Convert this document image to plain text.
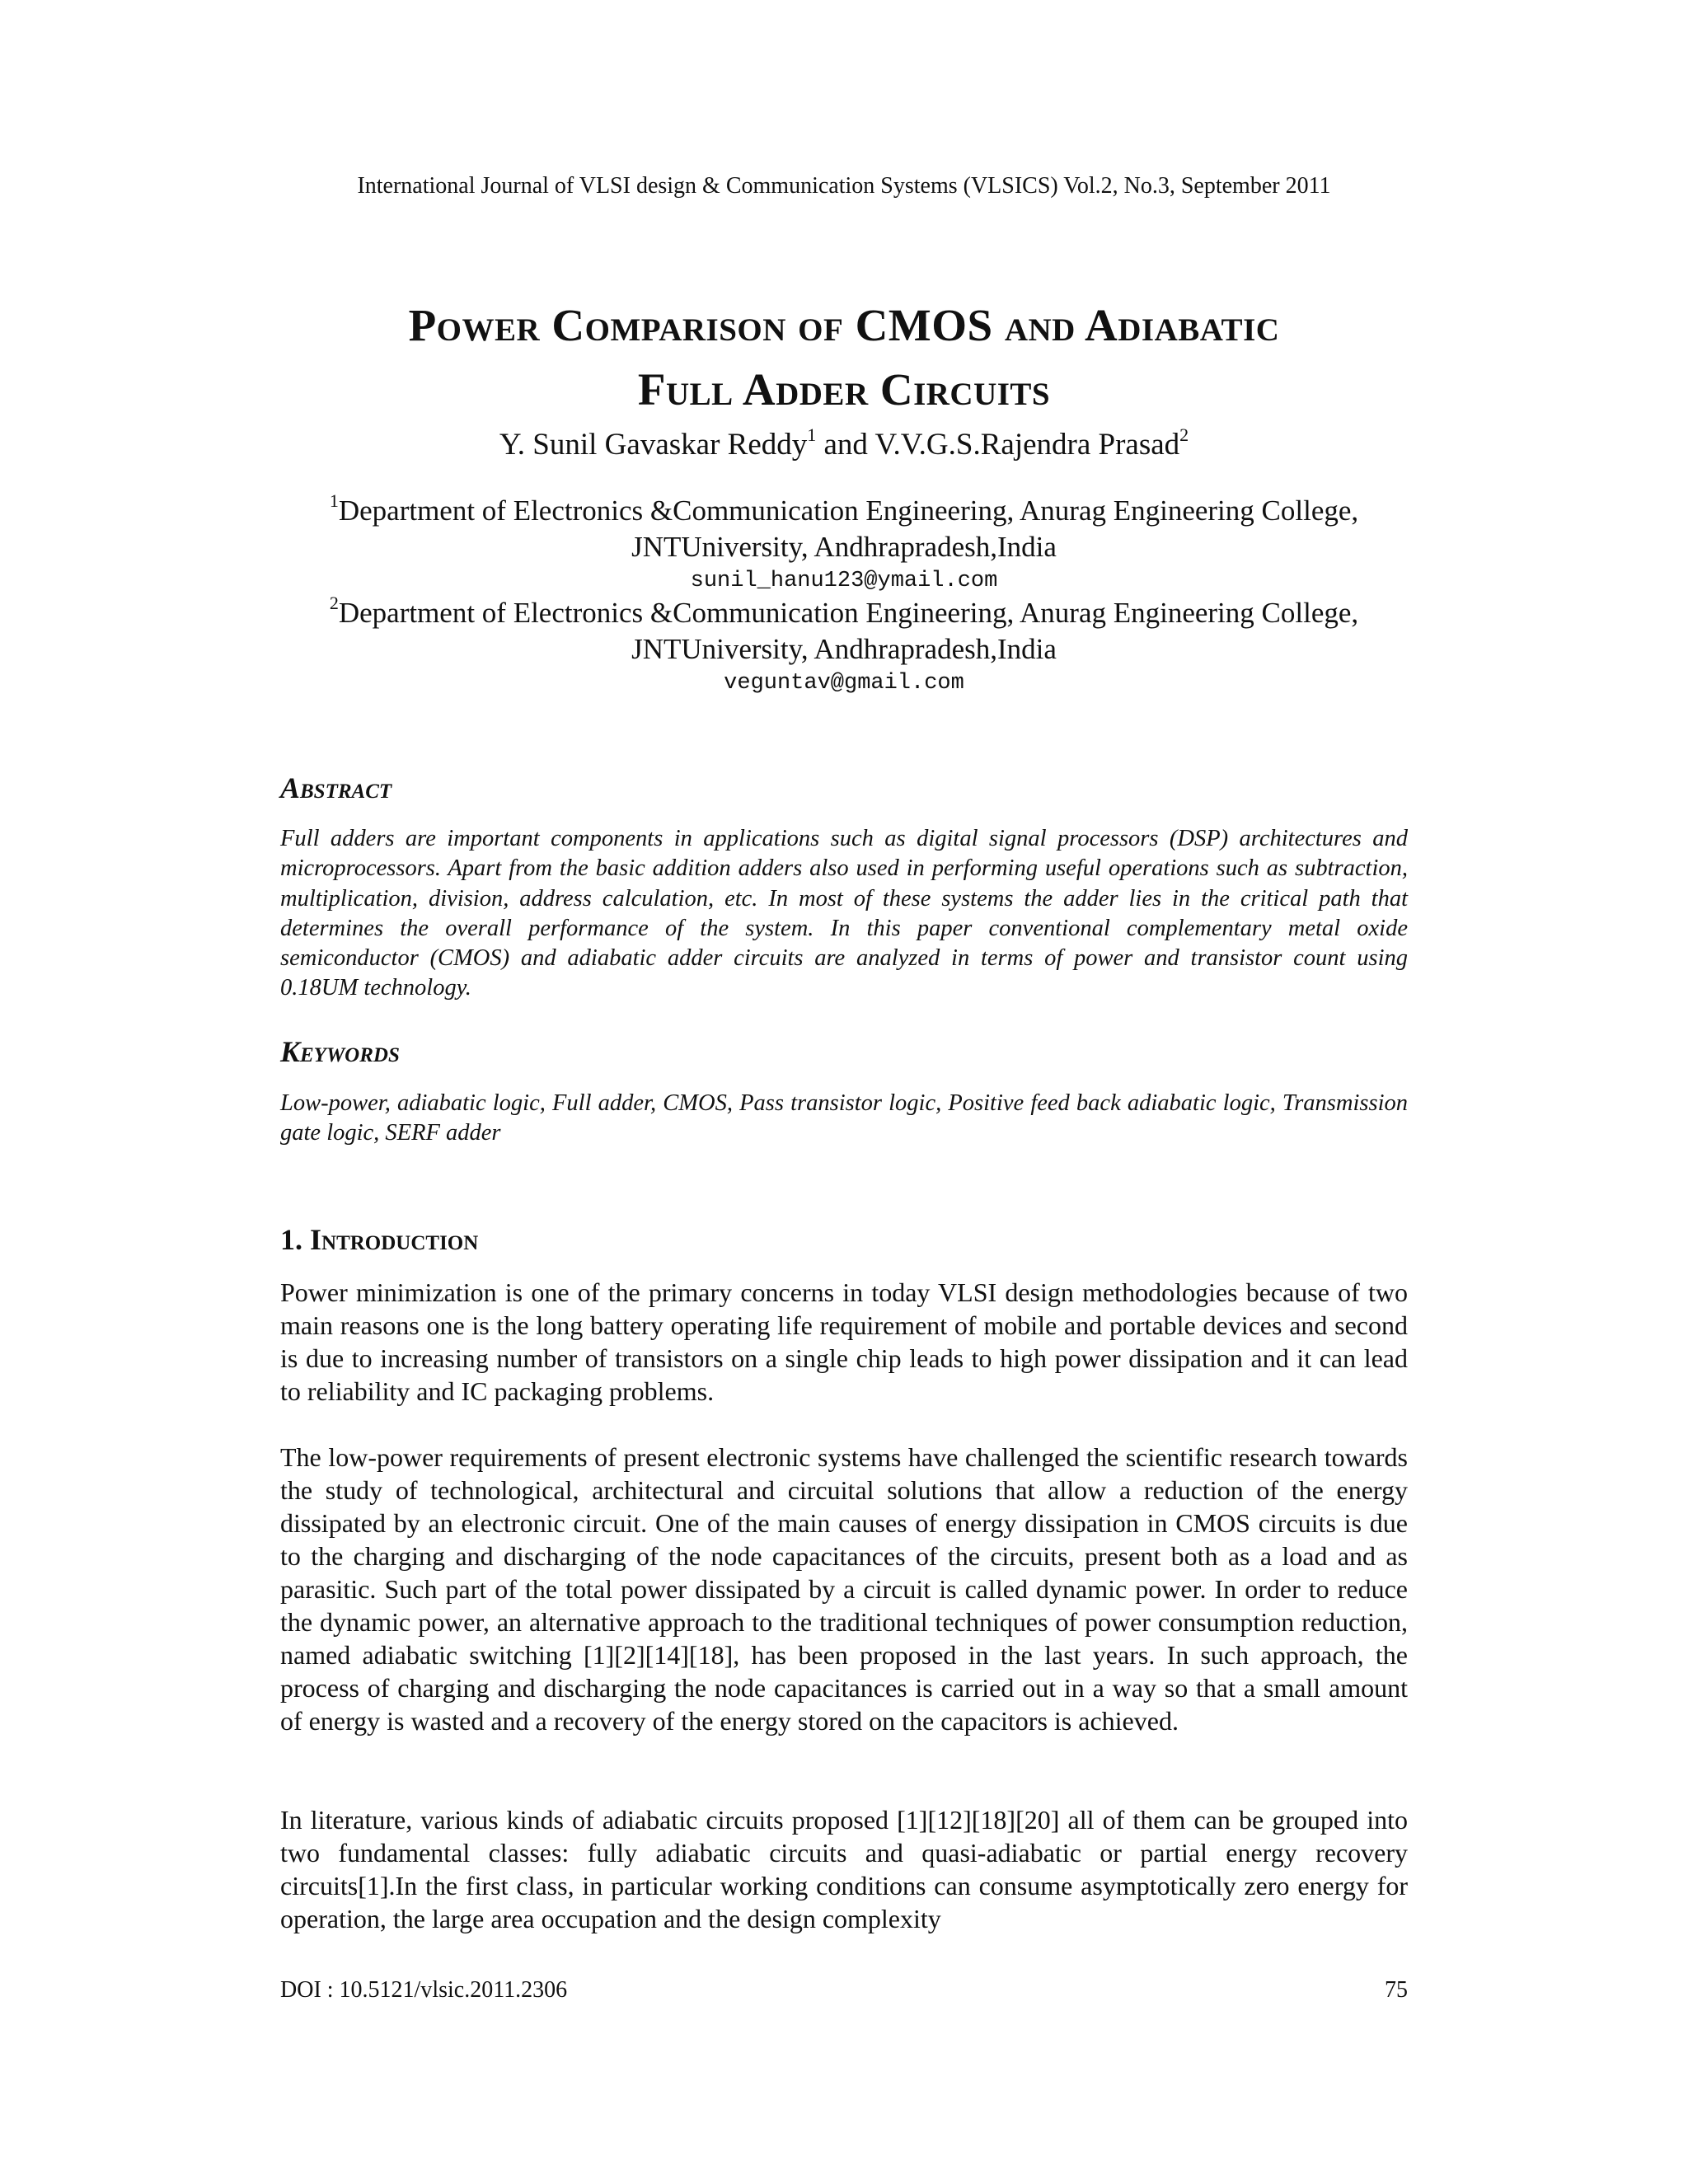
International Journal of VLSI design & Communication Systems (VLSICS) Vol.2, No.3, September 2011
Power Comparison of CMOS and Adiabatic
Full Adder Circuits
Y. Sunil Gavaskar Reddy$^1$ and V.V.G.S.Rajendra Prasad$^2$
$^1$Department of Electronics &Communication Engineering, Anurag Engineering College,
JNTUniversity, Andhrapradesh,India
sunil_hanu123@ymail.com
$^2$Department of Electronics &Communication Engineering, Anurag Engineering College,
JNTUniversity, Andhrapradesh,India
veguntav@gmail.com
Abstract
Full adders are important components in applications such as digital signal processors (DSP) architectures and microprocessors. Apart from the basic addition adders also used in performing useful operations such as subtraction, multiplication, division, address calculation, etc. In most of these systems the adder lies in the critical path that determines the overall performance of the system. In this paper conventional complementary metal oxide semiconductor (CMOS) and adiabatic adder circuits are analyzed in terms of power and transistor count using 0.18UM technology.
Keywords
Low-power, adiabatic logic, Full adder, CMOS, Pass transistor logic, Positive feed back adiabatic logic, Transmission gate logic, SERF adder
1. Introduction
Power minimization is one of the primary concerns in today VLSI design methodologies because of two main reasons one is the long battery operating life requirement of mobile and portable devices and second is due to increasing number of transistors on a single chip leads to high power dissipation and it can lead to reliability and IC packaging problems.
The low-power requirements of present electronic systems have challenged the scientific research towards the study of technological, architectural and circuital solutions that allow a reduction of the energy dissipated by an electronic circuit. One of the main causes of energy dissipation in CMOS circuits is due to the charging and discharging of the node capacitances of the circuits, present both as a load and as parasitic. Such part of the total power dissipated by a circuit is called dynamic power. In order to reduce the dynamic power, an alternative approach to the traditional techniques of power consumption reduction, named adiabatic switching [1][2][14][18], has been proposed in the last years. In such approach, the process of charging and discharging the node capacitances is carried out in a way so that a small amount of energy is wasted and a recovery of the energy stored on the capacitors is achieved.
In literature, various kinds of adiabatic circuits proposed [1][12][18][20] all of them can be grouped into two fundamental classes: fully adiabatic circuits and quasi-adiabatic or partial energy recovery circuits[1].In the first class, in particular working conditions can consume asymptotically zero energy for operation, the large area occupation and the design complexity
DOI : 10.5121/vlsic.2011.2306	75
